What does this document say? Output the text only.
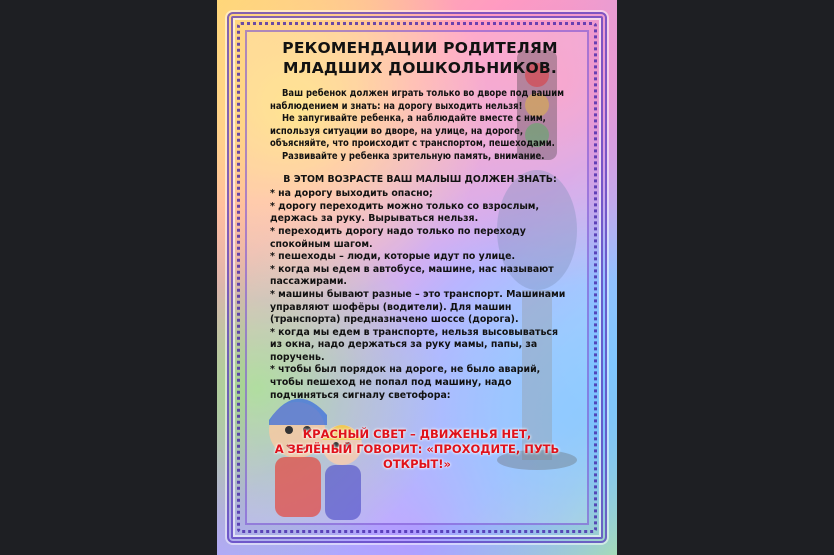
РЕКОМЕНДАЦИИ РОДИТЕЛЯМ
МЛАДШИХ ДОШКОЛЬНИКОВ.

Ваш ребенок должен играть только во дворе под вашим наблюдением и знать: на дорогу выходить нельзя!

Не запугивайте ребенка, а наблюдайте вместе с ним, используя ситуации во дворе, на улице, на дороге, объясняйте, что происходит с транспортом, пешеходами.

Развивайте у ребенка зрительную память, внимание.

В ЭТОМ ВОЗРАСТЕ ВАШ МАЛЫШ ДОЛЖЕН ЗНАТЬ:
* на дорогу выходить опасно;
* дорогу переходить можно только со взрослым, держась за руку. Вырываться нельзя.
* переходить дорогу надо только по переходу спокойным шагом.
* пешеходы – люди, которые идут по улице.
* когда мы едем в автобусе, машине, нас называют пассажирами.
* машины бывают разные – это транспорт. Машинами управляют шофёры (водители). Для машин (транспорта) предназначено шоссе (дорога).
* когда мы едем в транспорте, нельзя высовываться из окна, надо держаться за руку мамы, папы, за поручень.
* чтобы был порядок на дороге, не было аварий, чтобы пешеход не попал под машину, надо подчиняться сигналу светофора:
КРАСНЫЙ СВЕТ – ДВИЖЕНЬЯ НЕТ,
А ЗЕЛЁНЫЙ ГОВОРИТ: «ПРОХОДИТЕ, ПУТЬ ОТКРЫТ!»
